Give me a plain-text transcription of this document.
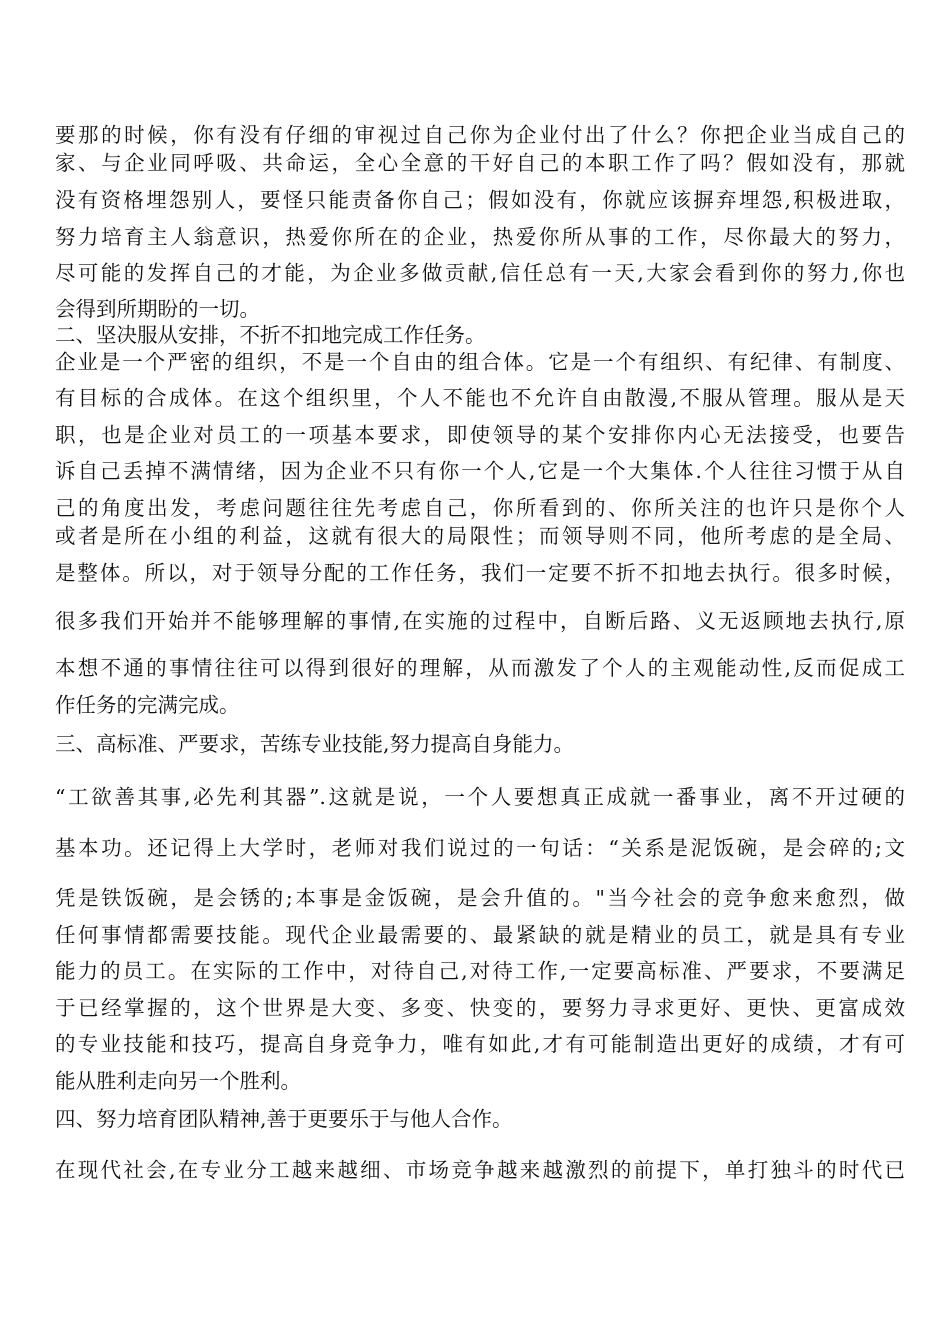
要那的时候，你有没有仔细的审视过自己你为企业付出了什么？你把企业当成自己的
家、与企业同呼吸、共命运，全心全意的干好自己的本职工作了吗？假如没有，那就
没有资格埋怨别人，要怪只能责备你自己；假如没有，你就应该摒弃埋怨,积极进取，
努力培育主人翁意识，热爱你所在的企业，热爱你所从事的工作，尽你最大的努力，
尽可能的发挥自己的才能，为企业多做贡献,信任总有一天,大家会看到你的努力,你也
会得到所期盼的一切。
二、坚决服从安排，不折不扣地完成工作任务。
企业是一个严密的组织，不是一个自由的组合体。它是一个有组织、有纪律、有制度、
有目标的合成体。在这个组织里，个人不能也不允许自由散漫,不服从管理。服从是天
职，也是企业对员工的一项基本要求，即使领导的某个安排你内心无法接受，也要告
诉自己丢掉不满情绪，因为企业不只有你一个人,它是一个大集体.个人往往习惯于从自
己的角度出发，考虑问题往往先考虑自己，你所看到的、你所关注的也许只是你个人
或者是所在小组的利益，这就有很大的局限性；而领导则不同，他所考虑的是全局、
是整体。所以，对于领导分配的工作任务，我们一定要不折不扣地去执行。很多时候，
很多我们开始并不能够理解的事情,在实施的过程中，自断后路、义无返顾地去执行,原
本想不通的事情往往可以得到很好的理解，从而激发了个人的主观能动性,反而促成工
作任务的完满完成。
三、高标准、严要求，苦练专业技能,努力提高自身能力。
“工欲善其事,必先利其器”.这就是说，一个人要想真正成就一番事业，离不开过硬的
基本功。还记得上大学时，老师对我们说过的一句话：“关系是泥饭碗，是会碎的;文
凭是铁饭碗，是会锈的;本事是金饭碗，是会升值的。"当今社会的竞争愈来愈烈，做
任何事情都需要技能。现代企业最需要的、最紧缺的就是精业的员工，就是具有专业
能力的员工。在实际的工作中，对待自己,对待工作,一定要高标准、严要求，不要满足
于已经掌握的，这个世界是大变、多变、快变的，要努力寻求更好、更快、更富成效
的专业技能和技巧，提高自身竞争力，唯有如此,才有可能制造出更好的成绩，才有可
能从胜利走向另一个胜利。
四、努力培育团队精神,善于更要乐于与他人合作。
在现代社会,在专业分工越来越细、市场竞争越来越激烈的前提下，单打独斗的时代已
